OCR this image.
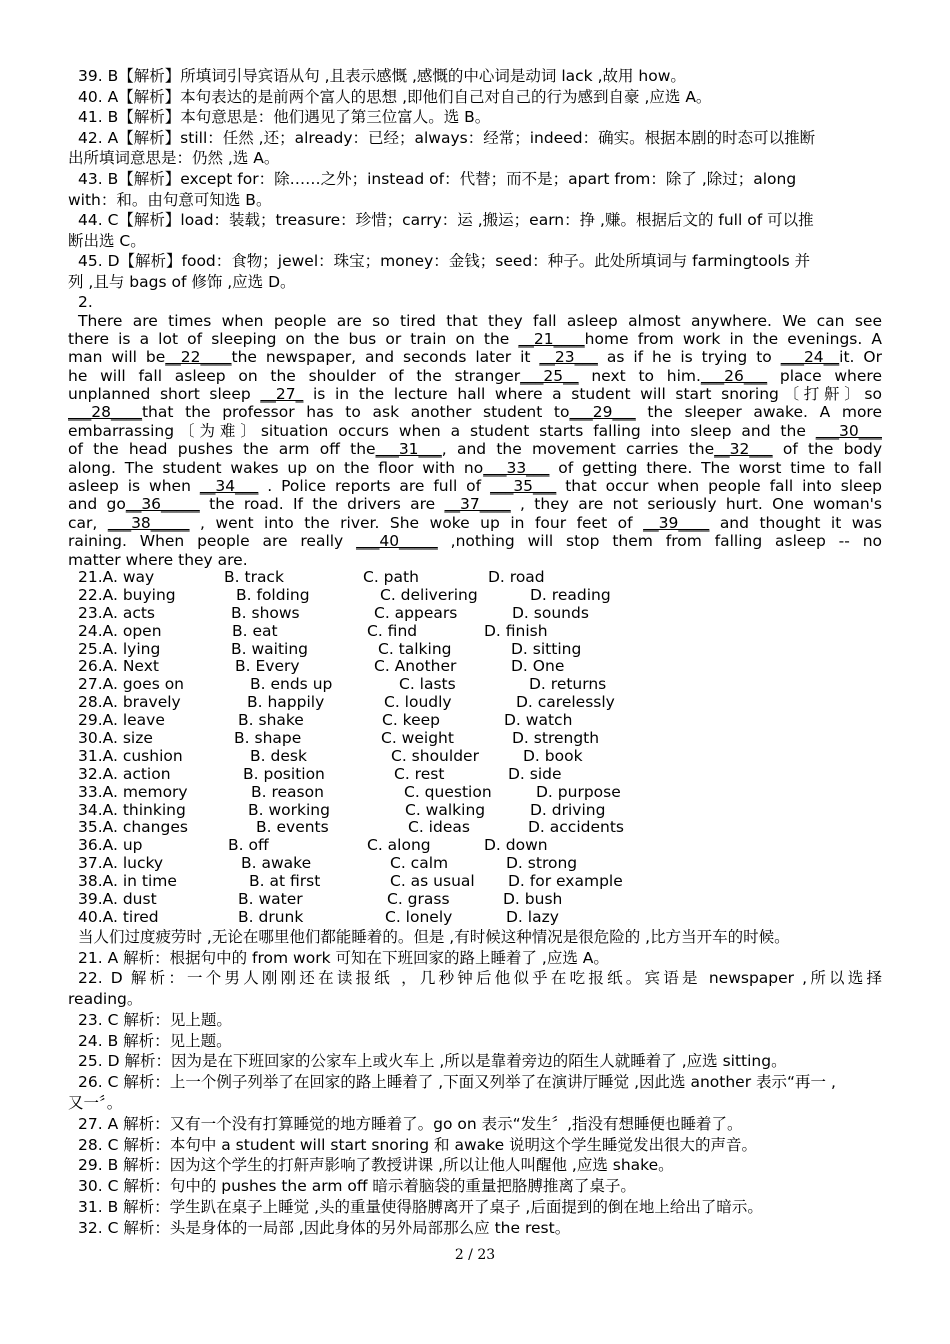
39. B【解析】所填词引导宾语从句 ,且表示感慨 ,感慨的中心词是动词 lack ,故用 how。
40. A【解析】本句表达的是前两个富人的思想 ,即他们自己对自己的行为感到自豪 ,应选 A。
41. B【解析】本句意思是：他们遇见了第三位富人。选 B。
42. A【解析】still：任然 ,还；already：已经；always：经常；indeed：确实。根据本剧的时态可以推断
出所填词意思是：仍然 ,选 A。
43. B【解析】except for：除……之外；instead of：代替；而不是；apart from：除了 ,除过；along
with：和。由句意可知选 B。
44. C【解析】load：装载；treasure：珍惜；carry：运 ,搬运；earn：挣 ,赚。根据后文的 full of 可以推
断出选 C。
45. D【解析】food：食物；jewel：珠宝；money：金钱；seed：种子。此处所填词与 farmingtools 并
列 ,且与 bags of 修饰 ,应选 D。
2.
There are times when people are so tired that they fall asleep almost anywhere. We can see
there is a lot of sleeping on the bus or train on the __21____home from work in the evenings. A
man will be__22____the newspaper, and seconds later it __23___ as if he is trying to ___24__it. Or
he will fall asleep on the shoulder of the stranger___25__ next to him.___26___ place where
unplanned short sleep __27_ is in the lecture hall where a student will start snoring〔打鼾〕so
___28____that the professor has to ask another student to___29___ the sleeper awake. A more
embarrassing〔为难〕situation occurs when a student starts falling into sleep and the ___30___
of the head pushes the arm off the___31___, and the movement carries the__32___ of the body
along. The student wakes up on the floor with no___33___ of getting there. The worst time to fall
asleep is when __34___ . Police reports are full of ___35___ that occur when people fall into sleep
and go__36_____ the road. If the drivers are __37____ , they are not seriously hurt. One woman's
car, ___38_____ , went into the river. She woke up in four feet of __39____ and thought it was
raining. When people are really ___40_____ ,nothing will stop them from falling asleep -- no
matter where they are.
21.A. way	B. track	C. path	D. road
22.A. buying	B. folding	C. delivering	D. reading
23.A. acts	B. shows	C. appears	D. sounds
24.A. open	B. eat	C. find	D. finish
25.A. lying	B. waiting	C. talking	D. sitting
26.A. Next	B. Every	C. Another	D. One
27.A. goes on	B. ends up	C. lasts	D. returns
28.A. bravely	B. happily	C. loudly	D. carelessly
29.A. leave	B. shake	C. keep	D. watch
30.A. size	B. shape	C. weight	D. strength
31.A. cushion	B. desk	C. shoulder	D. book
32.A. action	B. position	C. rest	D. side
33.A. memory	B. reason	C. question	D. purpose
34.A. thinking	B. working	C. walking	D. driving
35.A. changes	B. events	C. ideas	D. accidents
36.A. up	B. off	C. along	D. down
37.A. lucky	B. awake	C. calm	D. strong
38.A. in time	B. at first	C. as usual D. for example
39.A. dust	B. water	C. grass	D. bush
40.A. tired	B. drunk	C. lonely	D. lazy
当人们过度疲劳时 ,无论在哪里他们都能睡着的。但是 ,有时候这种情况是很危险的 ,比方当开车的时候。
21. A 解析：根据句中的 from work 可知在下班回家的路上睡着了 ,应选 A。
22. D 解析：一个男人刚刚还在读报纸 ，几秒钟后他似乎在吃报纸。宾语是 newspaper ,所以选择
reading。
23. C 解析：见上题。
24. B 解析：见上题。
25. D 解析：因为是在下班回家的公家车上或火车上 ,所以是靠着旁边的陌生人就睡着了 ,应选 sitting。
26. C 解析：上一个例子列举了在回家的路上睡着了 ,下面又列举了在演讲厅睡觉 ,因此选 another 表示“再一 ,
又一〞。
27. A 解析：又有一个没有打算睡觉的地方睡着了。go on 表示“发生〞,指没有想睡便也睡着了。
28. C 解析：本句中 a student will start snoring 和 awake 说明这个学生睡觉发出很大的声音。
29. B 解析：因为这个学生的打鼾声影响了教授讲课 ,所以让他人叫醒他 ,应选 shake。
30. C 解析：句中的 pushes the arm off 暗示着脑袋的重量把胳膊推离了桌子。
31. B 解析：学生趴在桌子上睡觉 ,头的重量使得胳膊离开了桌子 ,后面提到的倒在地上给出了暗示。
32. C 解析：头是身体的一局部 ,因此身体的另外局部那么应 the rest。
2 / 23
